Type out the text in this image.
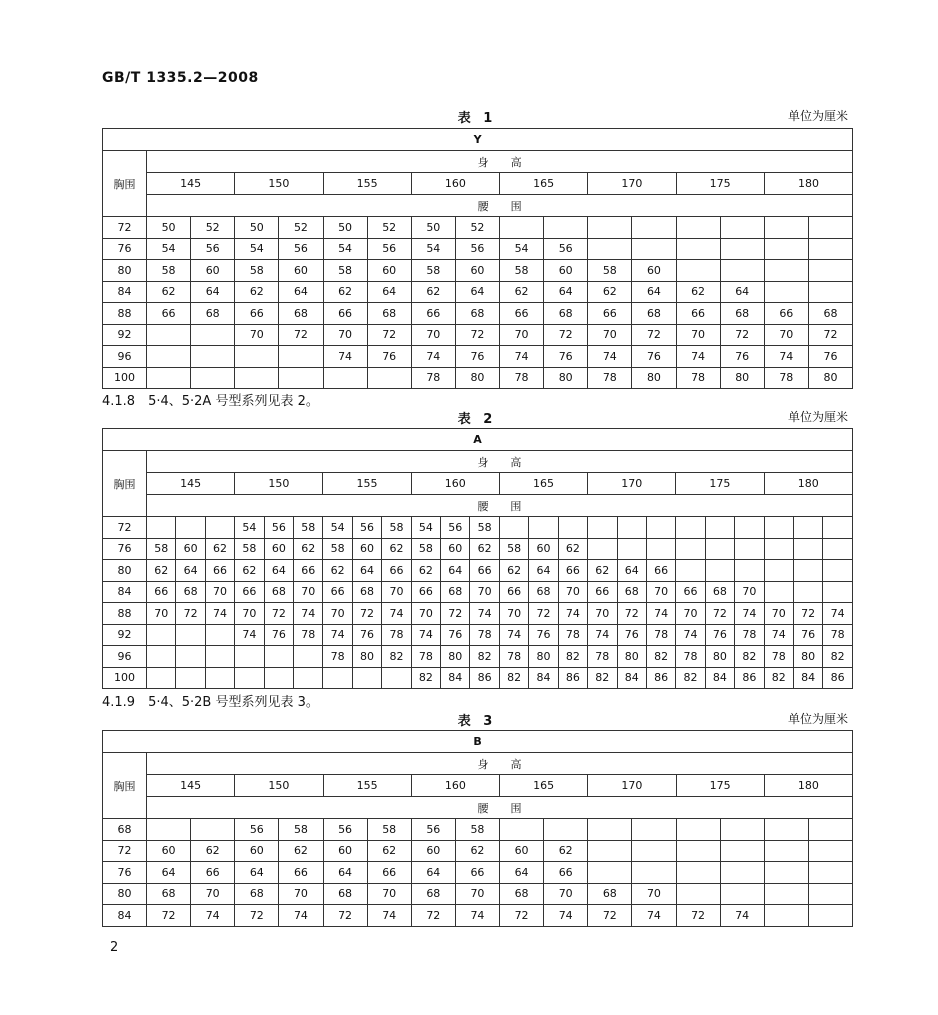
GB/T 1335.2—2008
表 1	单位为厘米
Y																
胸围	身　　高															
	145		150		155		160		165		170		175		180	
	腰　　围															
72	50	52	50	52	50	52	50	52								
76	54	56	54	56	54	56	54	56	54	56						
80	58	60	58	60	58	60	58	60	58	60	58	60				
84	62	64	62	64	62	64	62	64	62	64	62	64	62	64		
88	66	68	66	68	66	68	66	68	66	68	66	68	66	68	66	68
92			70	72	70	72	70	72	70	72	70	72	70	72	70	72
96					74	76	74	76	74	76	74	76	74	76	74	76
100							78	80	78	80	78	80	78	80	78	80
4.1.8　5·4、5·2A 号型系列见表 2。
表 2	单位为厘米
A																								
胸围	身　　高																							
	145			150			155			160			165			170			175			180		
	腰　　围																							
72				54	56	58	54	56	58	54	56	58												
76	58	60	62	58	60	62	58	60	62	58	60	62	58	60	62									
80	62	64	66	62	64	66	62	64	66	62	64	66	62	64	66	62	64	66						
84	66	68	70	66	68	70	66	68	70	66	68	70	66	68	70	66	68	70	66	68	70			
88	70	72	74	70	72	74	70	72	74	70	72	74	70	72	74	70	72	74	70	72	74	70	72	74
92				74	76	78	74	76	78	74	76	78	74	76	78	74	76	78	74	76	78	74	76	78
96							78	80	82	78	80	82	78	80	82	78	80	82	78	80	82	78	80	82
100										82	84	86	82	84	86	82	84	86	82	84	86	82	84	86
4.1.9　5·4、5·2B 号型系列见表 3。
表 3	单位为厘米
B																
胸围	身　　高															
	145		150		155		160		165		170		175		180	
	腰　　围															
68			56	58	56	58	56	58								
72	60	62	60	62	60	62	60	62	60	62						
76	64	66	64	66	64	66	64	66	64	66						
80	68	70	68	70	68	70	68	70	68	70	68	70				
84	72	74	72	74	72	74	72	74	72	74	72	74	72	74		
2
